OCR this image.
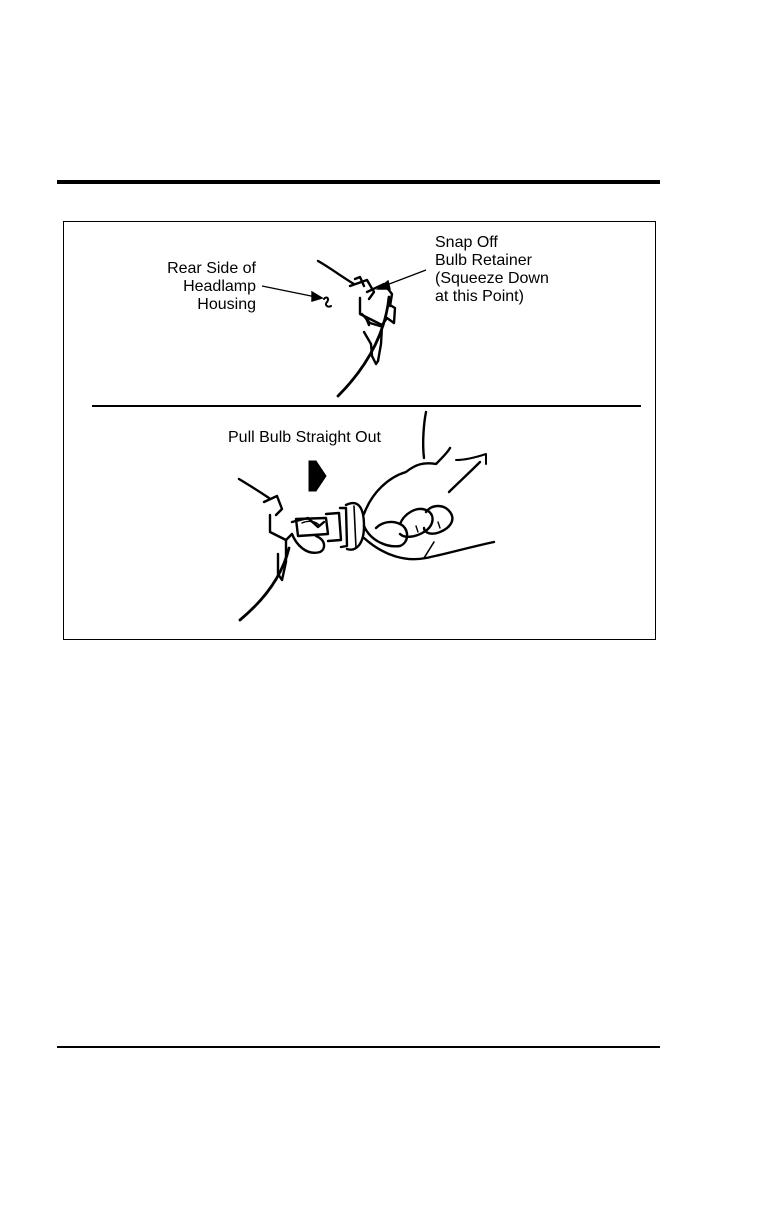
Rear Side of
Headlamp
Housing
Snap Off
Bulb Retainer
(Squeeze Down
at this Point)
Pull Bulb Straight Out
